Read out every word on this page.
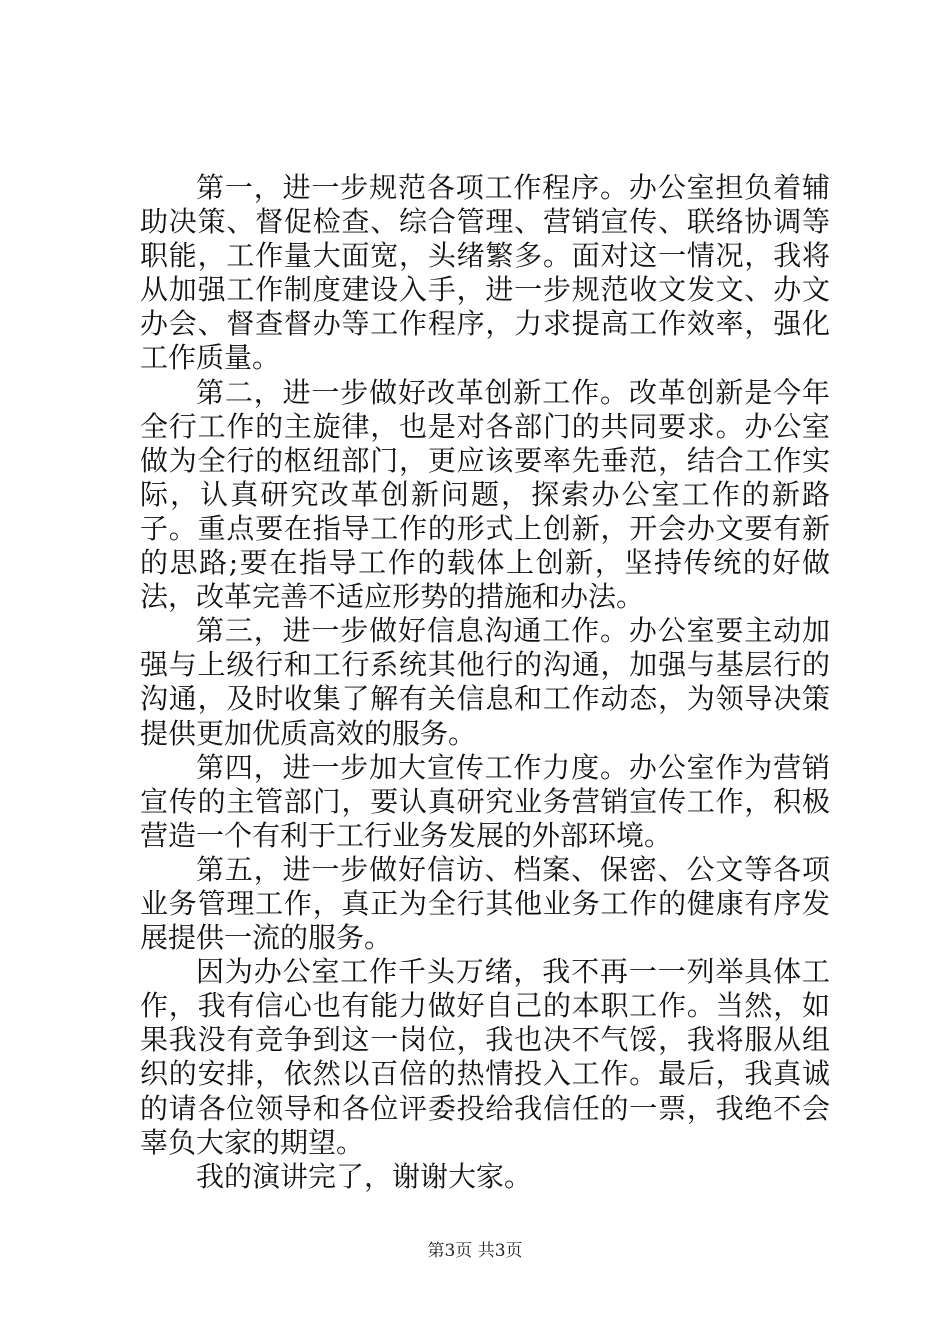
第一，进一步规范各项工作程序。办公室担负着辅助决策、督促检查、综合管理、营销宣传、联络协调等职能，工作量大面宽，头绪繁多。面对这一情况，我将从加强工作制度建设入手，进一步规范收文发文、办文办会、督查督办等工作程序，力求提高工作效率，强化工作质量。

第二，进一步做好改革创新工作。改革创新是今年全行工作的主旋律，也是对各部门的共同要求。办公室做为全行的枢纽部门，更应该要率先垂范，结合工作实际，认真研究改革创新问题，探索办公室工作的新路子。重点要在指导工作的形式上创新，开会办文要有新的思路;要在指导工作的载体上创新，坚持传统的好做法，改革完善不适应形势的措施和办法。

第三，进一步做好信息沟通工作。办公室要主动加强与上级行和工行系统其他行的沟通，加强与基层行的沟通，及时收集了解有关信息和工作动态，为领导决策提供更加优质高效的服务。

第四，进一步加大宣传工作力度。办公室作为营销宣传的主管部门，要认真研究业务营销宣传工作，积极营造一个有利于工行业务发展的外部环境。

第五，进一步做好信访、档案、保密、公文等各项业务管理工作，真正为全行其他业务工作的健康有序发展提供一流的服务。

因为办公室工作千头万绪，我不再一一列举具体工作，我有信心也有能力做好自己的本职工作。当然，如果我没有竞争到这一岗位，我也决不气馁，我将服从组织的安排，依然以百倍的热情投入工作。最后，我真诚的请各位领导和各位评委投给我信任的一票，我绝不会辜负大家的期望。

我的演讲完了，谢谢大家。

第3页 共3页
